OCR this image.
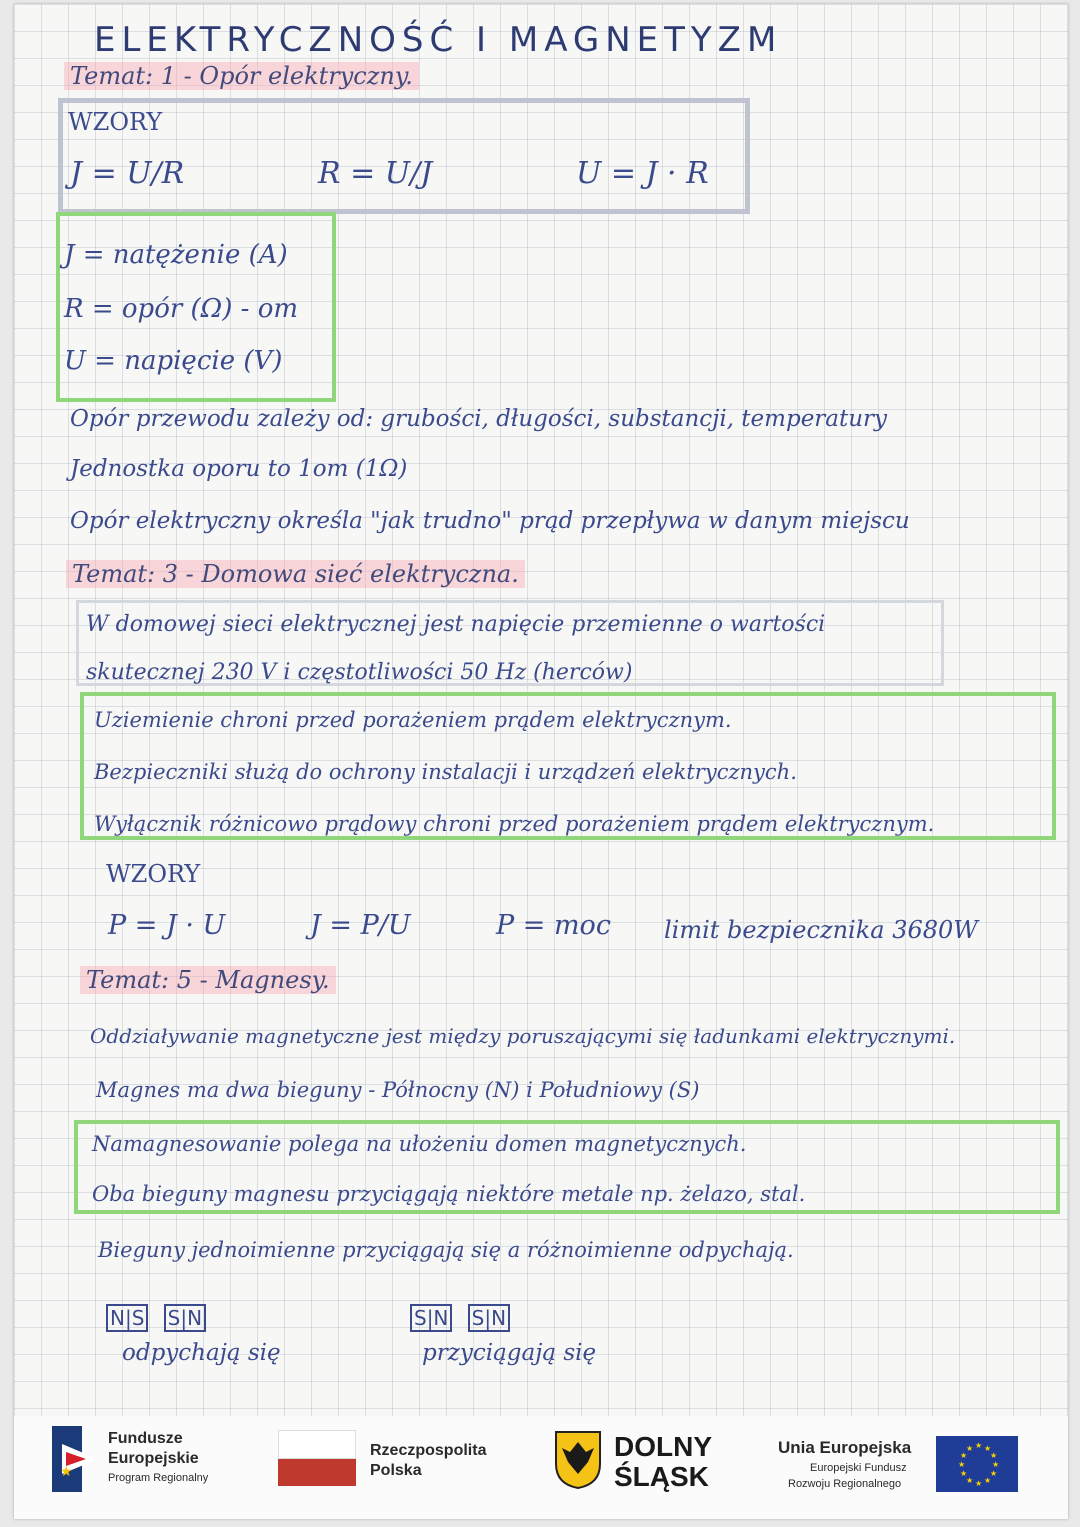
ELEKTRYCZNOŚĆ I MAGNETYZM
Temat: 1 - Opór elektryczny.
WZORY
J = U/R	R = U/J	U = J · R
J = natężenie (A)
R = opór (Ω) - om
U = napięcie (V)
Opór przewodu zależy od: grubości, długości, substancji, temperatury
Jednostka oporu to 1om (1Ω)
Opór elektryczny określa "jak trudno" prąd przepływa w danym miejscu
Temat: 3 - Domowa sieć elektryczna.
W domowej sieci elektrycznej jest napięcie przemienne o wartości
skutecznej 230 V i częstotliwości 50 Hz (herców)
Uziemienie chroni przed porażeniem prądem elektrycznym.
Bezpieczniki służą do ochrony instalacji i urządzeń elektrycznych.
Wyłącznik różnicowo prądowy chroni przed porażeniem prądem elektrycznym.
WZORY
P = J · U	J = P/U	P = moc limit bezpiecznika 3680W
Temat: 5 - Magnesy.
Oddziaływanie magnetyczne jest między poruszającymi się ładunkami elektrycznymi.
Magnes ma dwa bieguny - Północny (N) i Południowy (S)
Namagnesowanie polega na ułożeniu domen magnetycznych.
Oba bieguny magnesu przyciągają niektóre metale np. żelazo, stal.
Bieguny jednoimienne przyciągają się a różnoimienne odpychają.
N|S S|N
odpychają się
S|N S|N
przyciągają się
★
Fundusze
Europejskie
Program Regionalny
Rzeczpospolita
Polska
DOLNY
ŚLĄSK
Unia Europejska
Europejski Fundusz
Rozwoju Regionalnego
★ ★
★
★
★
★
★
★
★
★
★
★
